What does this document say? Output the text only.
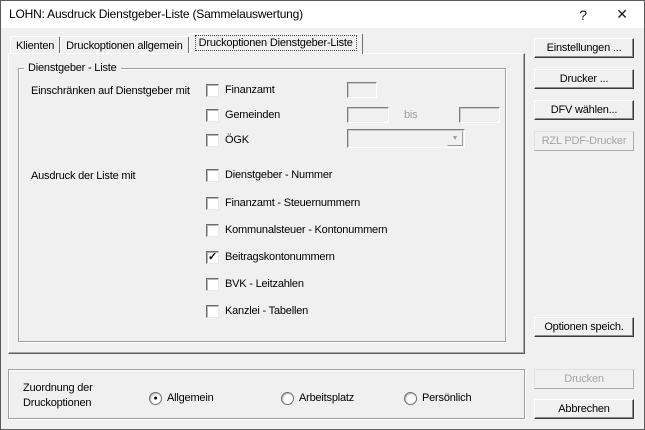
LOHN: Ausdruck Dienstgeber-Liste (Sammelauswertung)	?	✕
Klienten Druckoptionen allgemein	Druckoptionen Dienstgeber-Liste
Dienstgeber - Liste
Einschränken auf Dienstgeber mit	Finanzamt
Gemeinden	bis
ÖGK	▼
Ausdruck der Liste mit	Dienstgeber - Nummer
Finanzamt - Steuernummern
Kommunalsteuer - Kontonummern
✓ Beitragskontonummern
BVK - Leitzahlen
Kanzlei - Tabellen
Zuordnung der
Druckoptionen	● Allgemein	Arbeitsplatz	Persönlich
Einstellungen ...
Drucker ...
DFV wählen...
RZL PDF-Drucker
Optionen speich.
Drucken
Abbrechen
